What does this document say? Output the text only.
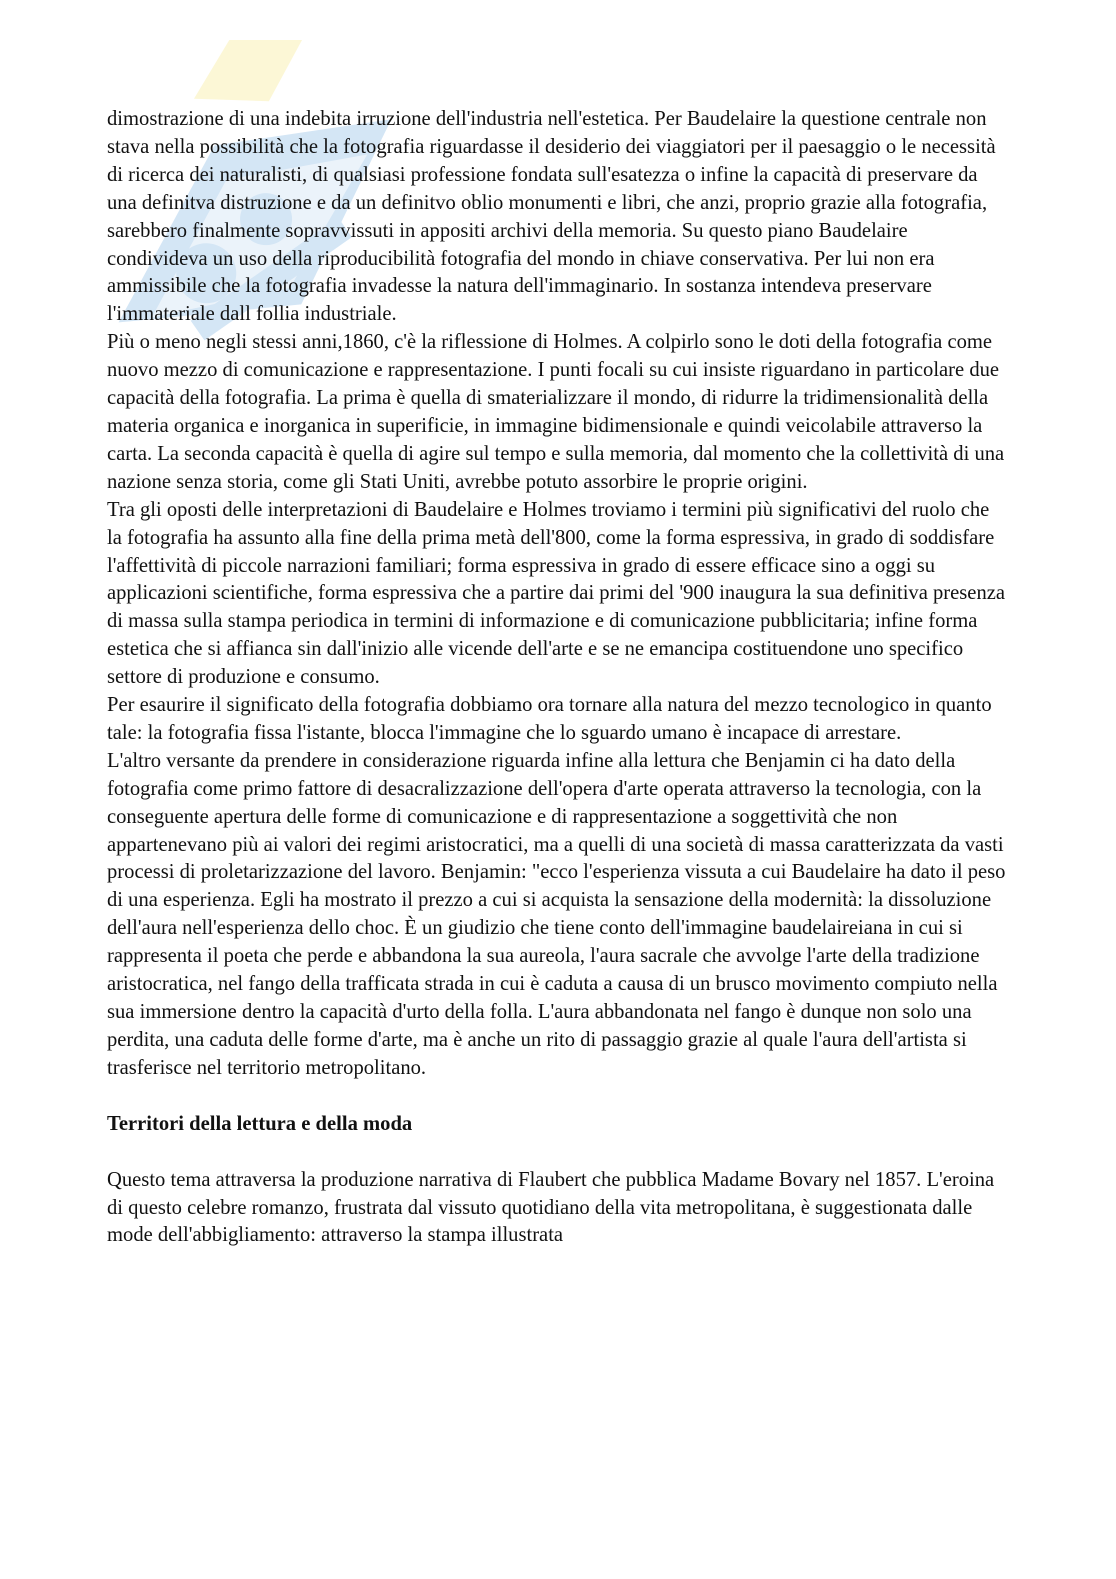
dimostrazione di una indebita irruzione dell'industria nell'estetica. Per Baudelaire la questione centrale non stava nella possibilità che la fotografia riguardasse il desiderio dei viaggiatori per il paesaggio o le necessità di ricerca dei naturalisti, di qualsiasi professione fondata sull'esatezza o infine la capacità di preservare da una definitva distruzione e da un definitvo oblio monumenti e libri, che anzi, proprio grazie alla fotografia, sarebbero finalmente sopravvissuti in appositi archivi della memoria. Su questo piano Baudelaire condivideva un uso della riproducibilità fotografia del mondo in chiave conservativa. Per lui non era ammissibile che la fotografia invadesse la natura dell'immaginario. In sostanza intendeva preservare l'immateriale dall follia industriale.

Più o meno negli stessi anni,1860, c'è la riflessione di Holmes. A colpirlo sono le doti della fotografia come nuovo mezzo di comunicazione e rappresentazione. I punti focali su cui insiste riguardano in particolare due capacità della fotografia. La prima è quella di smaterializzare il mondo, di ridurre la tridimensionalità della materia organica e inorganica in superificie, in immagine bidimensionale e quindi veicolabile attraverso la carta. La seconda capacità è quella di agire sul tempo e sulla memoria, dal momento che la collettività di una nazione senza storia, come gli Stati Uniti, avrebbe potuto assorbire le proprie origini.

Tra gli oposti delle interpretazioni di Baudelaire e Holmes troviamo i termini più significativi del ruolo che la fotografia ha assunto alla fine della prima metà dell'800, come la forma espressiva, in grado di soddisfare l'affettività di piccole narrazioni familiari; forma espressiva in grado di essere efficace sino a oggi su applicazioni scientifiche, forma espressiva che a partire dai primi del '900 inaugura la sua definitiva presenza di massa sulla stampa periodica in termini di informazione e di comunicazione pubblicitaria; infine forma estetica che si affianca sin dall'inizio alle vicende dell'arte e se ne emancipa costituendone uno specifico settore di produzione e consumo.

Per esaurire il significato della fotografia dobbiamo ora tornare alla natura del mezzo tecnologico in quanto tale: la fotografia fissa l'istante, blocca l'immagine che lo sguardo umano è incapace di arrestare.

L'altro versante da prendere in considerazione riguarda infine alla lettura che Benjamin ci ha dato della fotografia come primo fattore di desacralizzazione dell'opera d'arte operata attraverso la tecnologia, con la conseguente apertura delle forme di comunicazione e di rappresentazione a soggettività che non appartenevano più ai valori dei regimi aristocratici, ma a quelli di una società di massa caratterizzata da vasti processi di proletarizzazione del lavoro. Benjamin: "ecco l'esperienza vissuta a cui Baudelaire ha dato il peso di una esperienza. Egli ha mostrato il prezzo a cui si acquista la sensazione della modernità: la dissoluzione dell'aura nell'esperienza dello choc. È un giudizio che tiene conto dell'immagine baudelaireiana in cui si rappresenta il poeta che perde e abbandona la sua aureola, l'aura sacrale che avvolge l'arte della tradizione aristocratica, nel fango della trafficata strada in cui è caduta a causa di un brusco movimento compiuto nella sua immersione dentro la capacità d'urto della folla. L'aura abbandonata nel fango è dunque non solo una perdita, una caduta delle forme d'arte, ma è anche un rito di passaggio grazie al quale l'aura dell'artista si trasferisce nel territorio metropolitano.

Territori della lettura e della moda

Questo tema attraversa la produzione narrativa di Flaubert che pubblica Madame Bovary nel 1857. L'eroina di questo celebre romanzo, frustrata dal vissuto quotidiano della vita metropolitana, è suggestionata dalle mode dell'abbigliamento: attraverso la stampa illustrata
